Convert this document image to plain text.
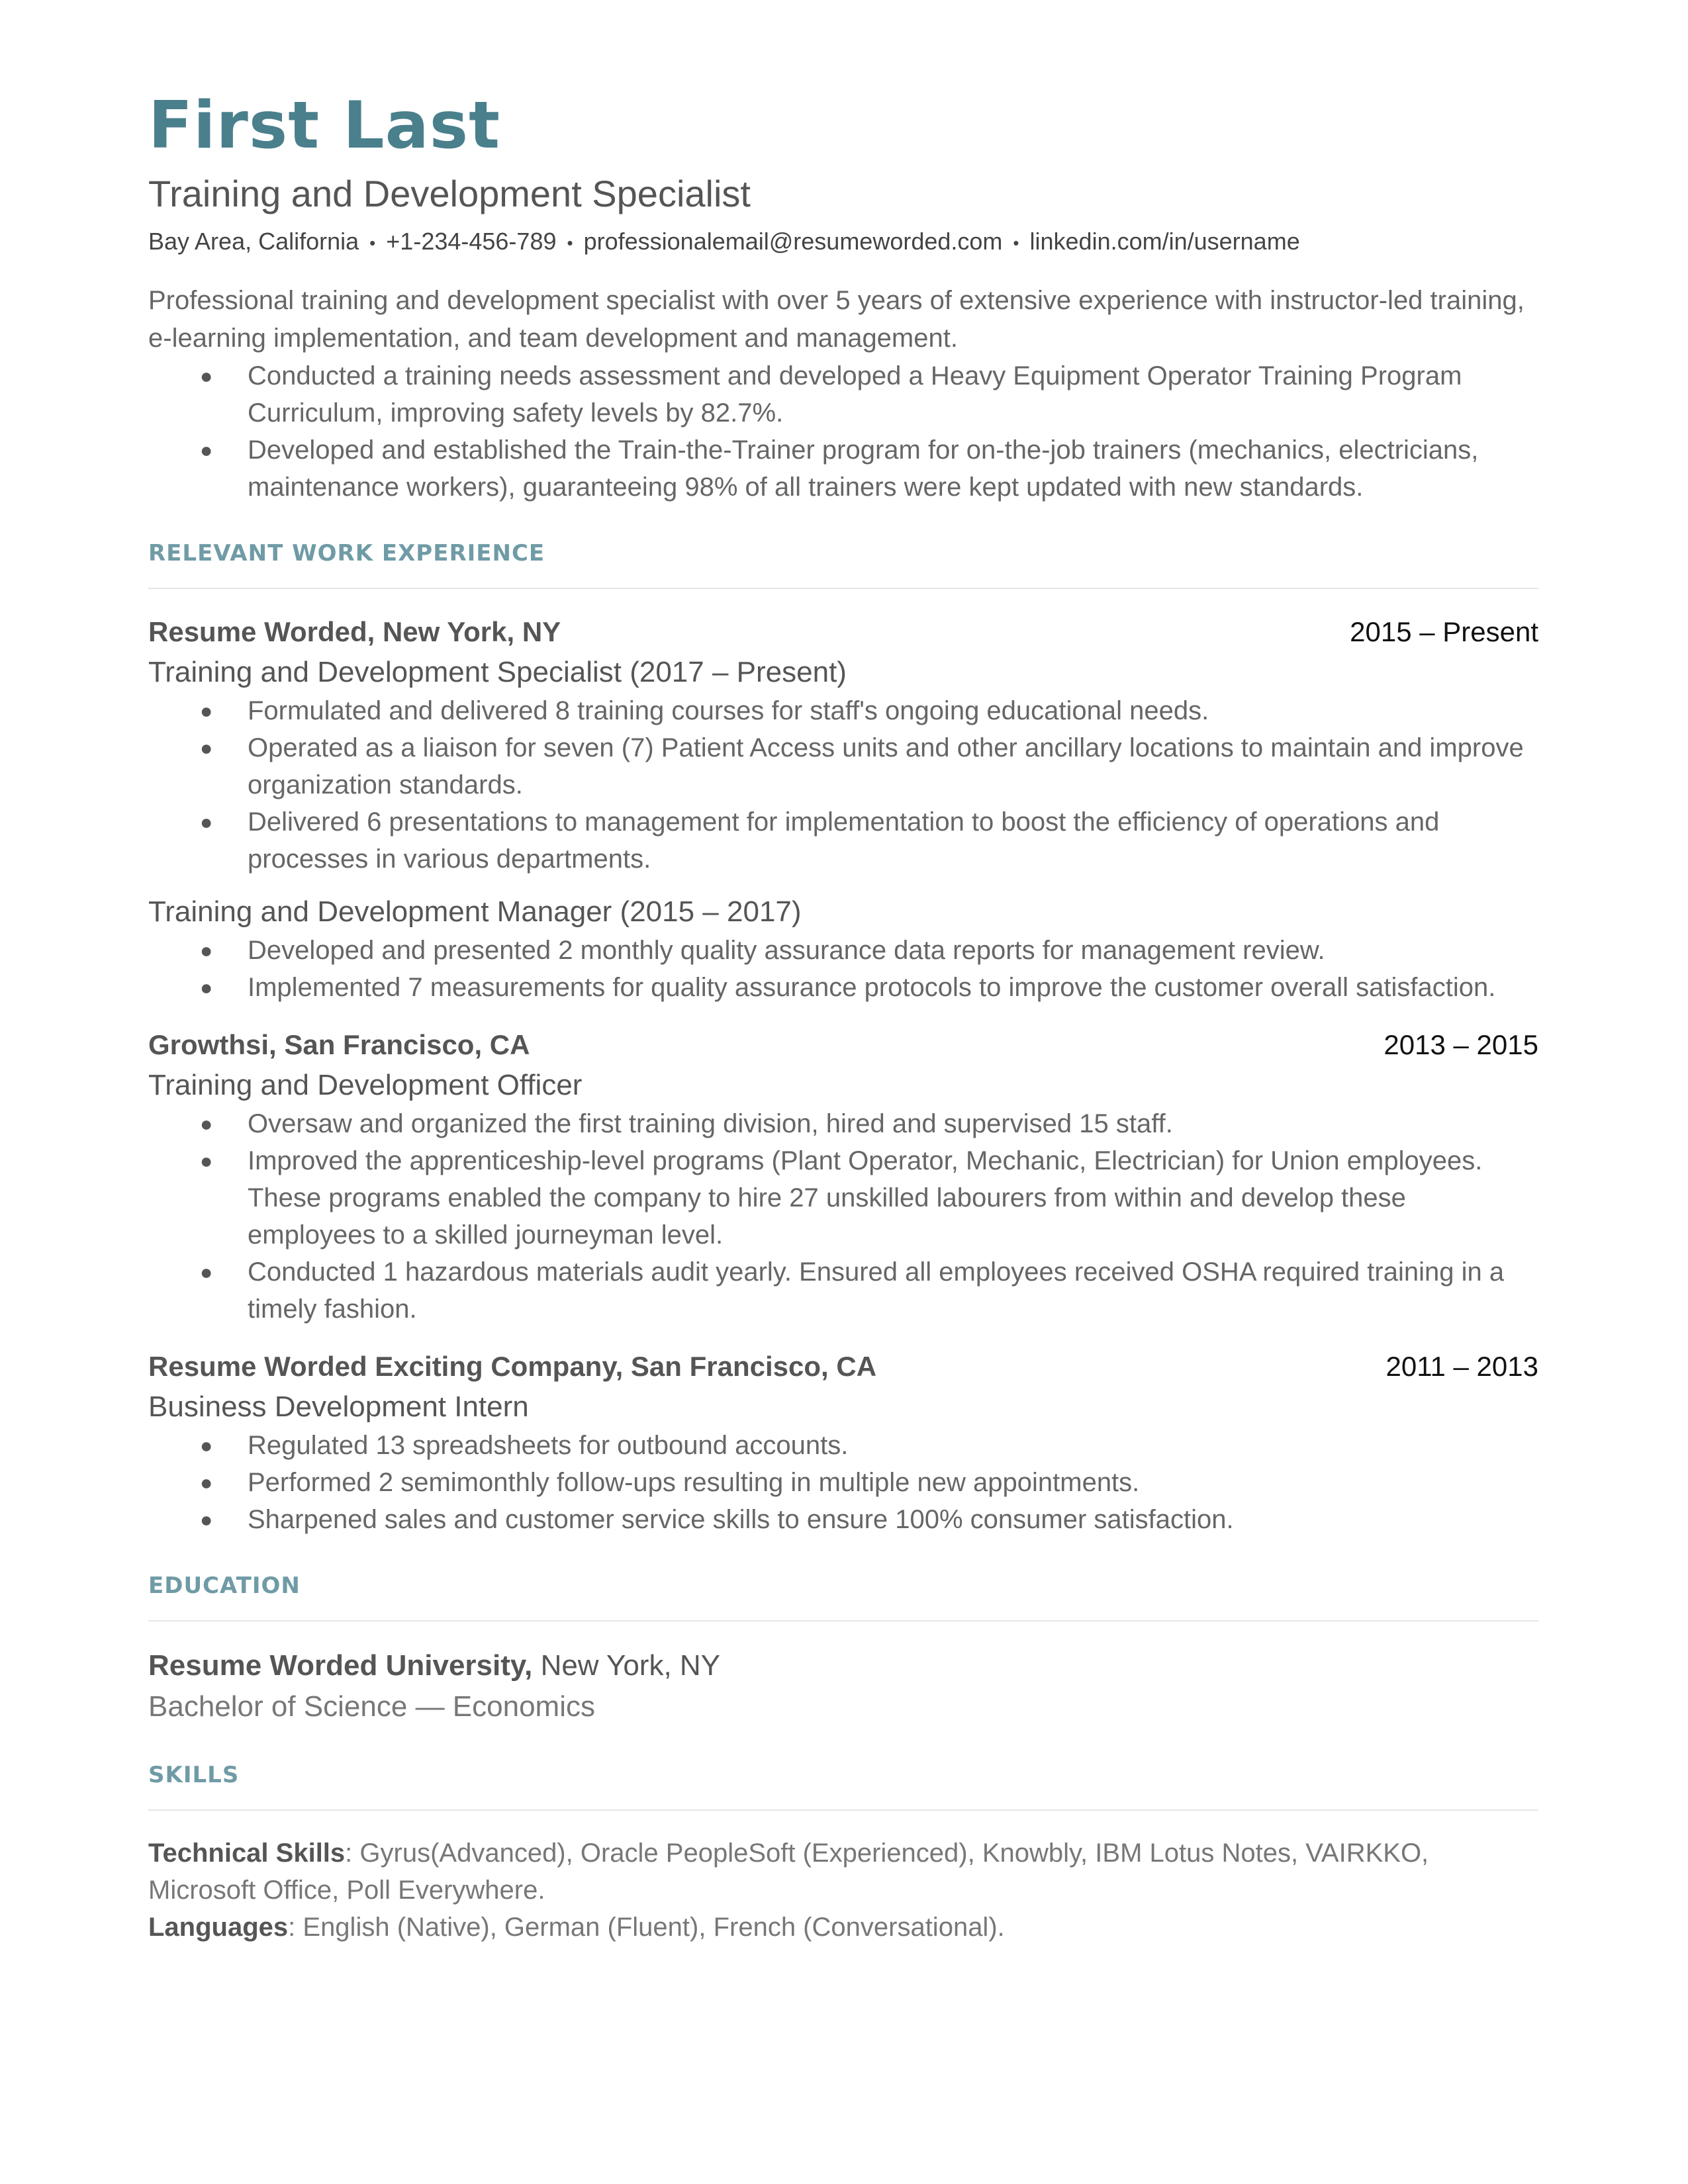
First Last
Training and Development Specialist
Bay Area, California • +1-234-456-789 • professionalemail@resumeworded.com • linkedin.com/in/username
Professional training and development specialist with over 5 years of extensive experience with instructor-led training, e-learning implementation, and team development and management.
● Conducted a training needs assessment and developed a Heavy Equipment Operator Training Program Curriculum, improving safety levels by 82.7%.
● Developed and established the Train-the-Trainer program for on-the-job trainers (mechanics, electricians, maintenance workers), guaranteeing 98% of all trainers were kept updated with new standards.
RELEVANT WORK EXPERIENCE
Resume Worded, New York, NY	2015 – Present
Training and Development Specialist (2017 – Present)
● Formulated and delivered 8 training courses for staff's ongoing educational needs.
● Operated as a liaison for seven (7) Patient Access units and other ancillary locations to maintain and improve organization standards.
● Delivered 6 presentations to management for implementation to boost the efficiency of operations and processes in various departments.
Training and Development Manager (2015 – 2017)
● Developed and presented 2 monthly quality assurance data reports for management review.
● Implemented 7 measurements for quality assurance protocols to improve the customer overall satisfaction.
Growthsi, San Francisco, CA	2013 – 2015
Training and Development Officer
● Oversaw and organized the first training division, hired and supervised 15 staff.
● Improved the apprenticeship-level programs (Plant Operator, Mechanic, Electrician) for Union employees. These programs enabled the company to hire 27 unskilled labourers from within and develop these employees to a skilled journeyman level.
● Conducted 1 hazardous materials audit yearly. Ensured all employees received OSHA required training in a timely fashion.
Resume Worded Exciting Company, San Francisco, CA	2011 – 2013
Business Development Intern
● Regulated 13 spreadsheets for outbound accounts.
● Performed 2 semimonthly follow-ups resulting in multiple new appointments.
● Sharpened sales and customer service skills to ensure 100% consumer satisfaction.
EDUCATION
Resume Worded University, New York, NY
Bachelor of Science — Economics
SKILLS
Technical Skills: Gyrus(Advanced), Oracle PeopleSoft (Experienced), Knowbly, IBM Lotus Notes, VAIRKKO, Microsoft Office, Poll Everywhere.
Languages: English (Native), German (Fluent), French (Conversational).
